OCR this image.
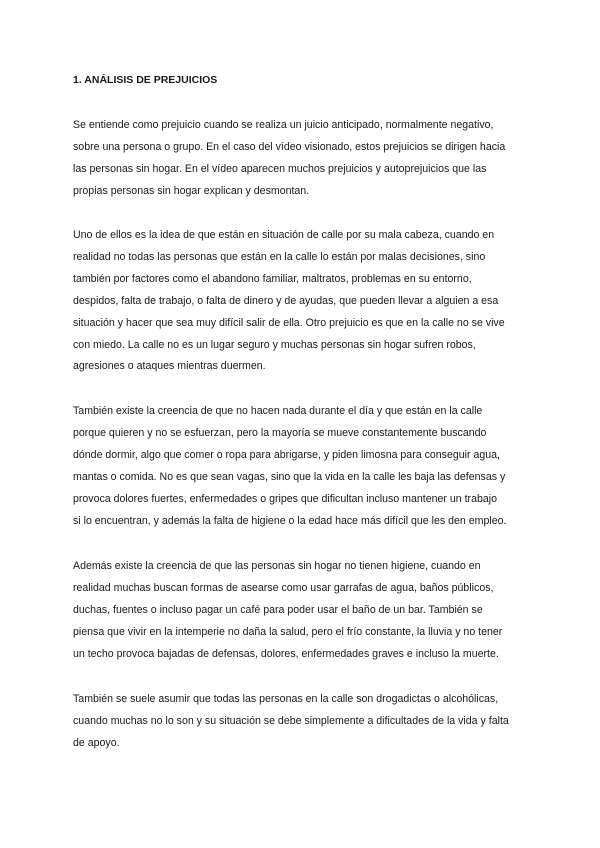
1. ANÁLISIS DE PREJUICIOS
Se entiende como prejuicio cuando se realiza un juicio anticipado, normalmente negativo,
sobre una persona o grupo. En el caso del vídeo visionado, estos prejuicios se dirigen hacia
las personas sin hogar. En el vídeo aparecen muchos prejuicios y autoprejuicios que las
propias personas sin hogar explican y desmontan.
Uno de ellos es la idea de que están en situación de calle por su mala cabeza, cuando en
realidad no todas las personas que están en la calle lo están por malas decisiones, sino
también por factores como el abandono familiar, maltratos, problemas en su entorno,
despidos, falta de trabajo, o falta de dinero y de ayudas, que pueden llevar a alguien a esa
situación y hacer que sea muy difícil salir de ella. Otro prejuicio es que en la calle no se vive
con miedo. La calle no es un lugar seguro y muchas personas sin hogar sufren robos,
agresiones o ataques mientras duermen.
También existe la creencia de que no hacen nada durante el día y que están en la calle
porque quieren y no se esfuerzan, pero la mayoría se mueve constantemente buscando
dónde dormir, algo que comer o ropa para abrigarse, y piden limosna para conseguir agua,
mantas o comida. No es que sean vagas, sino que la vida en la calle les baja las defensas y
provoca dolores fuertes, enfermedades o gripes que dificultan incluso mantener un trabajo
si lo encuentran, y además la falta de higiene o la edad hace más difícil que les den empleo.
Además existe la creencia de que las personas sin hogar no tienen higiene, cuando en
realidad muchas buscan formas de asearse como usar garrafas de agua, baños públicos,
duchas, fuentes o incluso pagar un café para poder usar el baño de un bar. También se
piensa que vivir en la intemperie no daña la salud, pero el frío constante, la lluvia y no tener
un techo provoca bajadas de defensas, dolores, enfermedades graves e incluso la muerte.
También se suele asumir que todas las personas en la calle son drogadictas o alcohólicas,
cuando muchas no lo son y su situación se debe simplemente a dificultades de la vida y falta
de apoyo.
